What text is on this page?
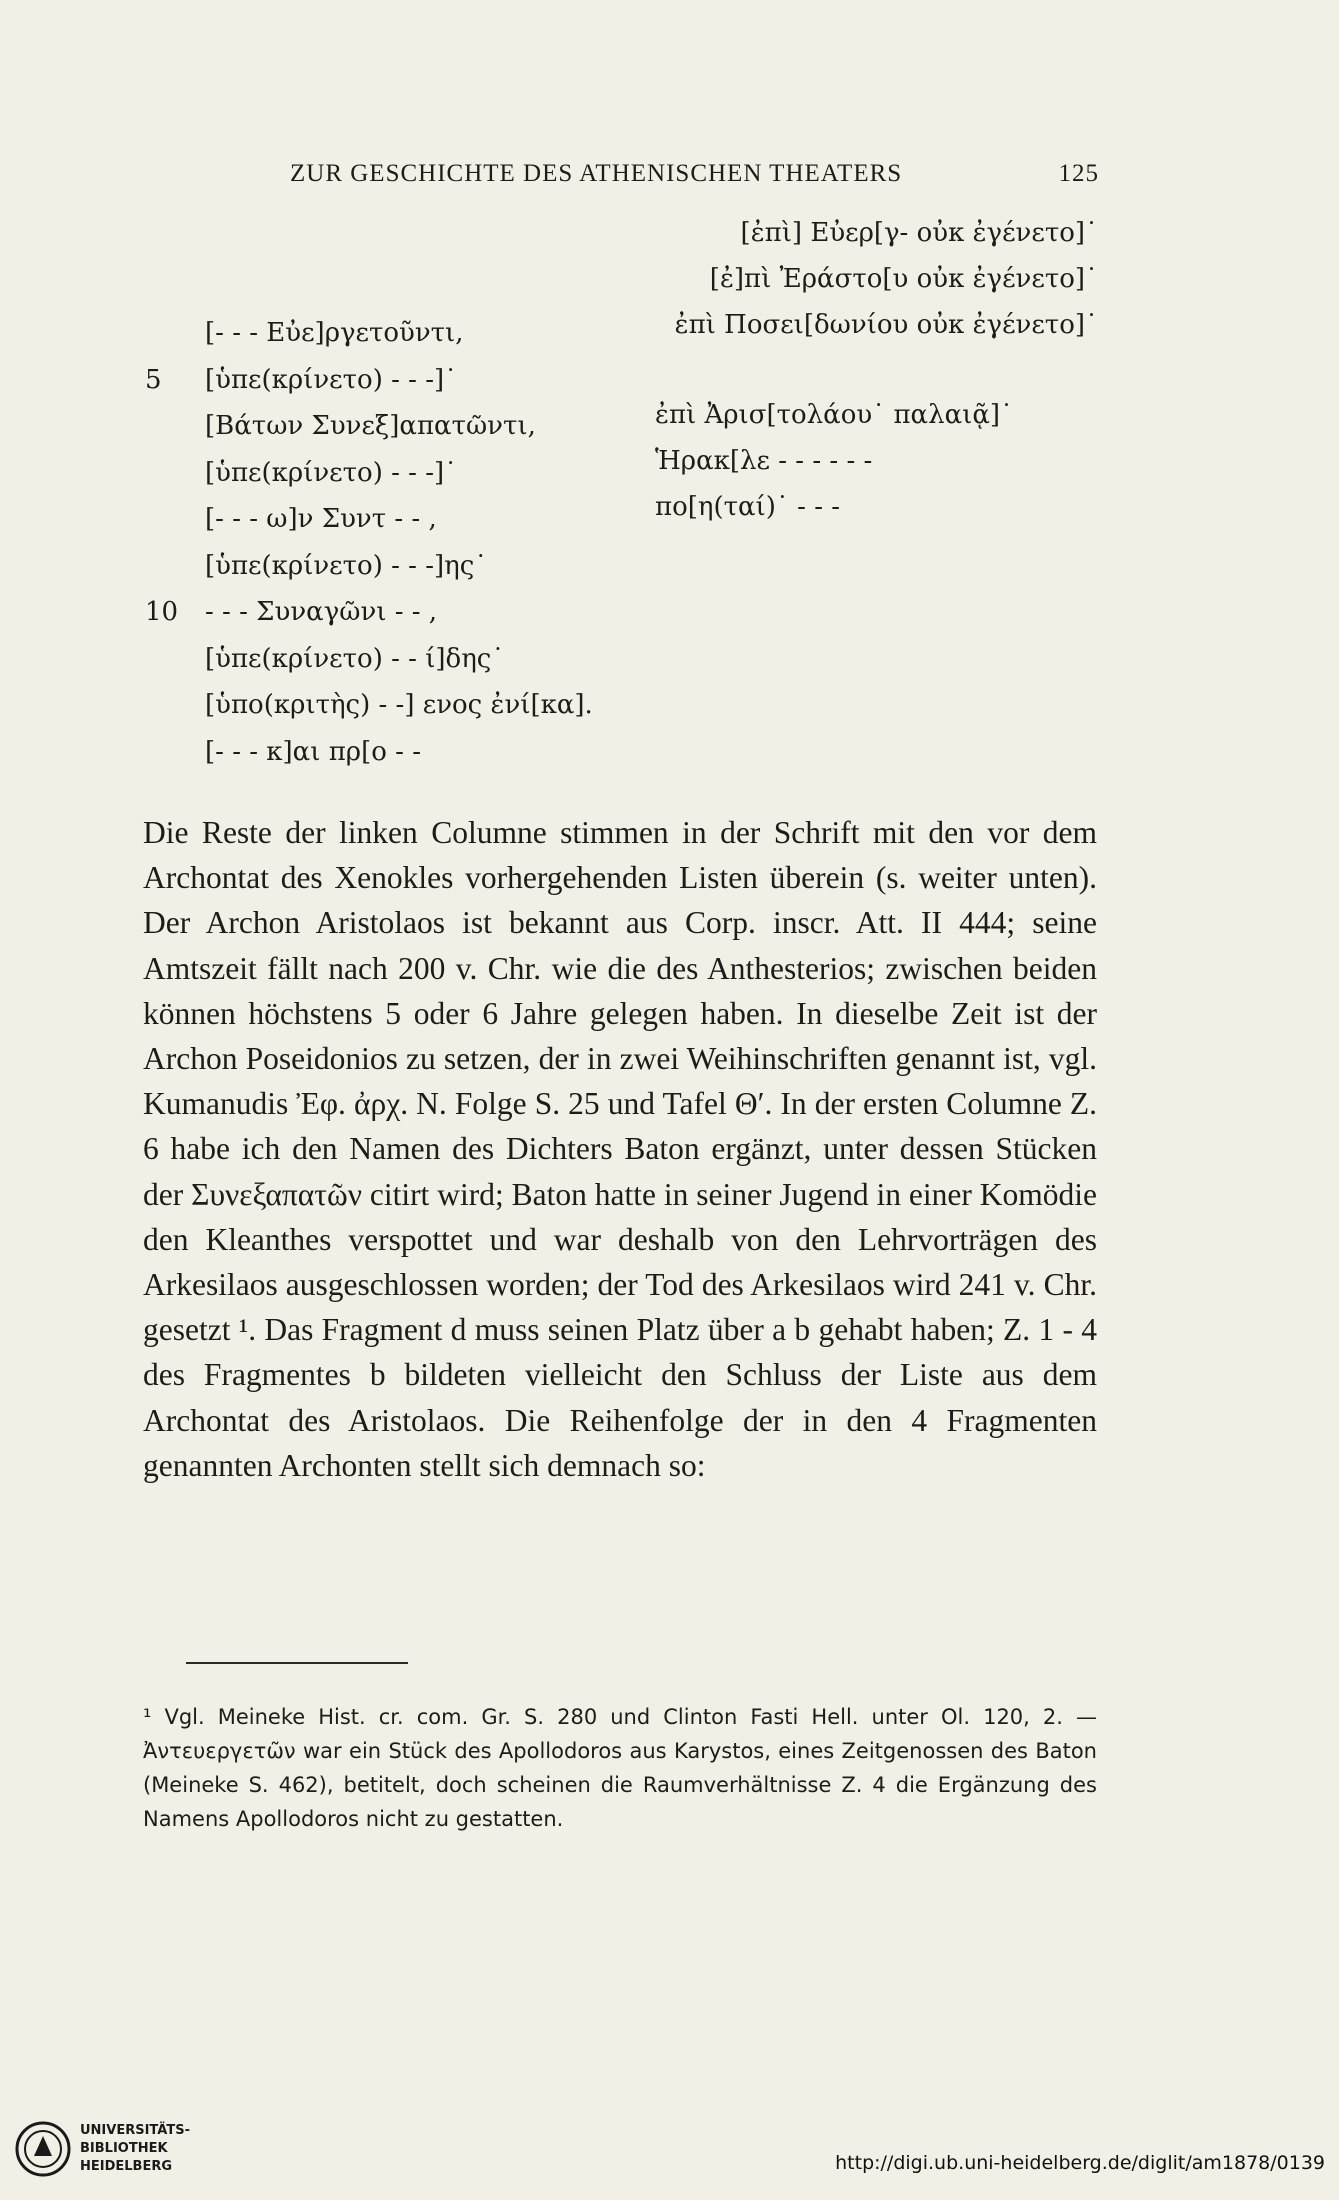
ZUR GESCHICHTE DES ATHENISCHEN THEATERS	125
[ἐπὶ] Εὐερ[γ- οὐκ ἐγένετο]˙
[ἐ]πὶ Ἐράστο[υ οὐκ ἐγένετο]˙
ἐπὶ Ποσει[δωνίου οὐκ ἐγένετο]˙
[- - - Εὐε]ργετοῦντι,
5 [ὑπε(κρίνετο) - - -]˙
[Βάτων Συνεξ]απατῶντι,
[ὑπε(κρίνετο) - - -]˙
[- - - ω]ν Συντ - - ,
[ὑπε(κρίνετο) - - -]ης˙
10 - - - Συναγῶνι - - ,
[ὑπε(κρίνετο) - - ί]δης˙
[ὑπο(κριτὴς) - -] ενος ἐνί[κα].
[- - - κ]αι πρ[ο - -
ἐπὶ Ἀρισ[τολάου˙ παλαιᾷ]˙
Ἡρακ[λε - - - - - -
πο[η(ταί)˙ - - -

Die Reste der linken Columne stimmen in der Schrift mit den vor dem Archontat des Xenokles vorhergehenden Listen überein (s. weiter unten). Der Archon Aristolaos ist bekannt aus Corp. inscr. Att. II 444; seine Amtszeit fällt nach 200 v. Chr. wie die des Anthesterios; zwischen beiden können höchstens 5 oder 6 Jahre gelegen haben. In dieselbe Zeit ist der Archon Poseidonios zu setzen, der in zwei Weihinschriften genannt ist, vgl. Kumanudis Ἐφ. ἀρχ. N. Folge S. 25 und Tafel Θ′. In der ersten Columne Z. 6 habe ich den Namen des Dichters Baton ergänzt, unter dessen Stücken der Συνεξαπατῶν citirt wird; Baton hatte in seiner Jugend in einer Komödie den Kleanthes verspottet und war deshalb von den Lehrvorträgen des Arkesilaos ausgeschlossen worden; der Tod des Arkesilaos wird 241 v. Chr. gesetzt ¹. Das Fragment d muss seinen Platz über a b gehabt haben; Z. 1 - 4 des Fragmentes b bildeten vielleicht den Schluss der Liste aus dem Archontat des Aristolaos. Die Reihenfolge der in den 4 Fragmenten genannten Archonten stellt sich demnach so:

¹ Vgl. Meineke Hist. cr. com. Gr. S. 280 und Clinton Fasti Hell. unter Ol. 120, 2. — Ἀντευεργετῶν war ein Stück des Apollodoros aus Karystos, eines Zeitgenossen des Baton (Meineke S. 462), betitelt, doch scheinen die Raumverhältnisse Z. 4 die Ergänzung des Namens Apollodoros nicht zu gestatten.

UNIVERSITÄTS-
BIBLIOTHEK
HEIDELBERG	http://digi.ub.uni-heidelberg.de/diglit/am1878/0139
